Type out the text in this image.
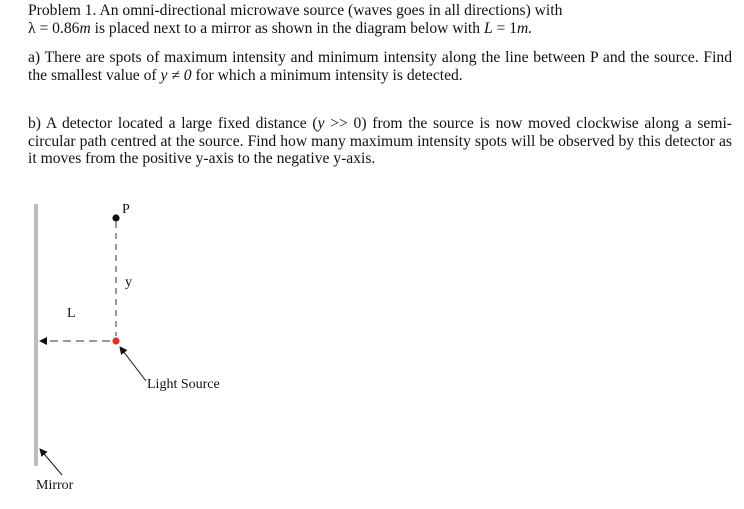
Problem 1. An omni-directional microwave source (waves goes in all directions) with
λ = 0.86m is placed next to a mirror as shown in the diagram below with L = 1m.

a) There are spots of maximum intensity and minimum intensity along the line between P and the source. Find the smallest value of y ≠ 0 for which a minimum intensity is detected.

b) A detector located a large fixed distance (y >> 0) from the source is now moved clockwise along a semi-circular path centred at the source. Find how many maximum intensity spots will be observed by this detector as it moves from the positive y-axis to the negative y-axis.

P
y
L
Light Source
Mirror
